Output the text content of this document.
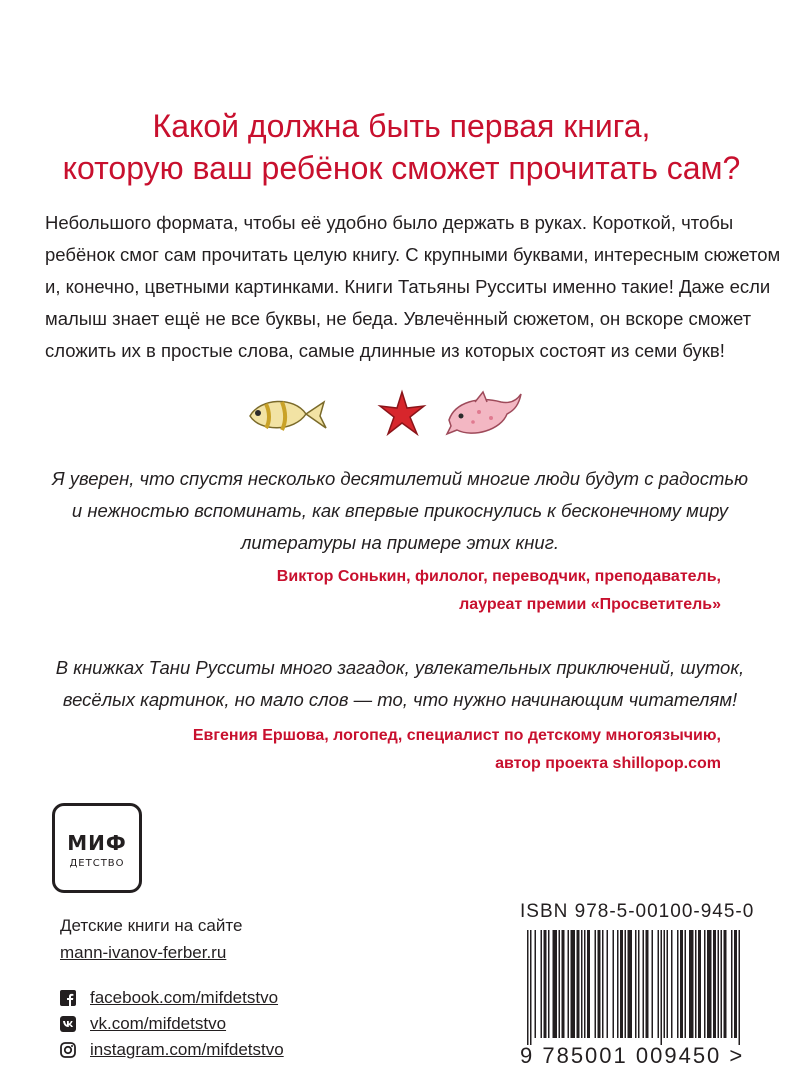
Какой должна быть первая книга,
которую ваш ребёнок сможет прочитать сам?
Небольшого формата, чтобы её удобно было держать в руках. Короткой, чтобы
ребёнок смог сам прочитать целую книгу. С крупными буквами, интересным сюжетом
и, конечно, цветными картинками. Книги Татьяны Русситы именно такие! Даже если
малыш знает ещё не все буквы, не беда. Увлечённый сюжетом, он вскоре сможет
сложить их в простые слова, самые длинные из которых состоят из семи букв!
Я уверен, что спустя несколько десятилетий многие люди будут с радостью
и нежностью вспоминать, как впервые прикоснулись к бесконечному миру
литературы на примере этих книг.
Виктор Сонькин, филолог, переводчик, преподаватель,
лауреат премии «Просветитель»
В книжках Тани Русситы много загадок, увлекательных приключений, шуток,
весёлых картинок, но мало слов — то, что нужно начинающим читателям!
Евгения Ершова, логопед, специалист по детскому многоязычию,
автор проекта shillopop.com
МИФ
ДЕТСТВО
Детские книги на сайте
mann-ivanov-ferber.ru
facebook.com/mifdetstvo
vk.com/mifdetstvo
instagram.com/mifdetstvo
ISBN 978-5-00100-945-0
9 785001 009450 >
